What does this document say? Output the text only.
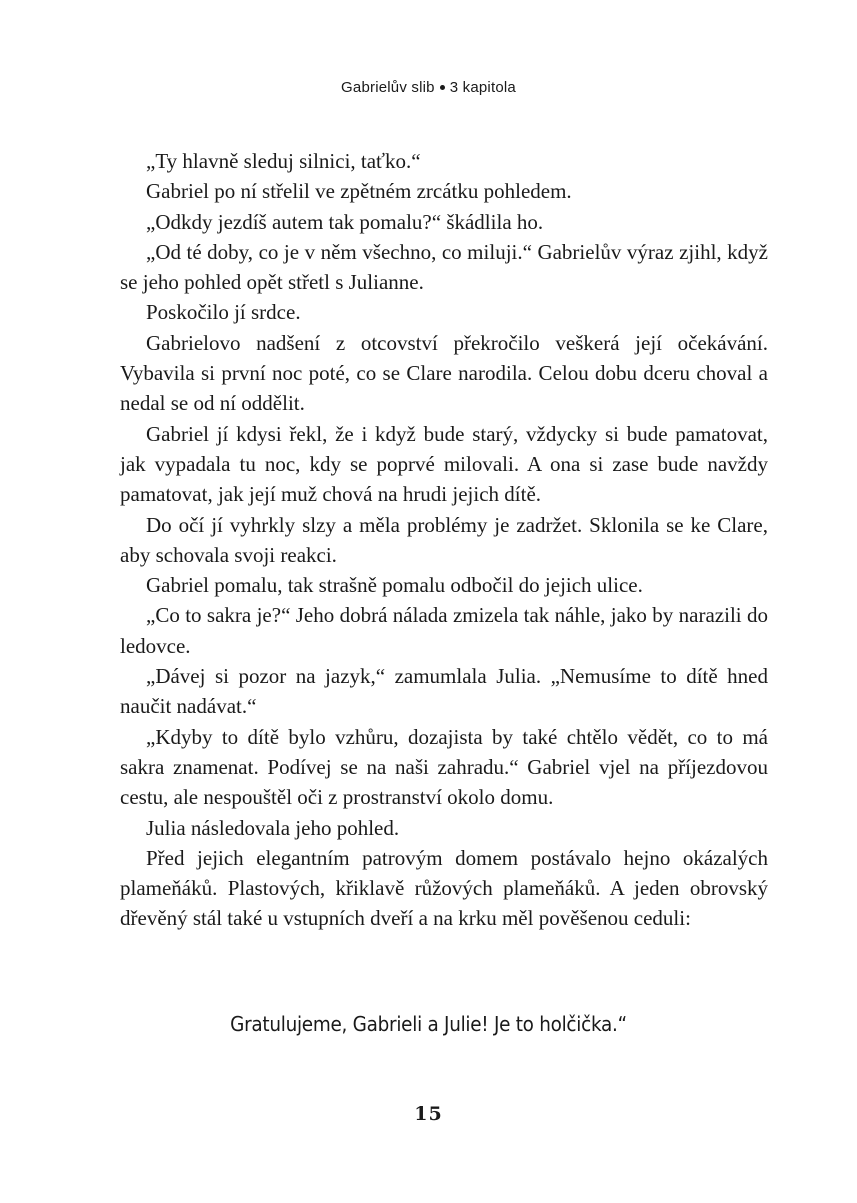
Gabrielův slib 3 kapitola

„Ty hlavně sleduj silnici, taťko.“

Gabriel po ní střelil ve zpětném zrcátku pohledem.

„Odkdy jezdíš autem tak pomalu?“ škádlila ho.

„Od té doby, co je v něm všechno, co miluji.“ Gabrielův výraz zjihl, když se jeho pohled opět střetl s Julianne.

Poskočilo jí srdce.

Gabrielovo nadšení z otcovství překročilo veškerá její očekávání. Vybavila si první noc poté, co se Clare narodila. Celou dobu dceru choval a nedal se od ní oddělit.

Gabriel jí kdysi řekl, že i když bude starý, vždycky si bude pamatovat, jak vypadala tu noc, kdy se poprvé milovali. A ona si zase bude navždy pamatovat, jak její muž chová na hrudi jejich dítě.

Do očí jí vyhrkly slzy a měla problémy je zadržet. Sklonila se ke Clare, aby schovala svoji reakci.

Gabriel pomalu, tak strašně pomalu odbočil do jejich ulice.

„Co to sakra je?“ Jeho dobrá nálada zmizela tak náhle, jako by narazili do ledovce.

„Dávej si pozor na jazyk,“ zamumlala Julia. „Nemusíme to dítě hned naučit nadávat.“

„Kdyby to dítě bylo vzhůru, dozajista by také chtělo vědět, co to má sakra znamenat. Podívej se na naši zahradu.“ Gabriel vjel na příjezdovou cestu, ale nespouštěl oči z prostranství okolo domu.

Julia následovala jeho pohled.

Před jejich elegantním patrovým domem postávalo hejno okázalých plameňáků. Plastových, křiklavě růžových plameňáků. A jeden obrovský dřevěný stál také u vstupních dveří a na krku měl pověšenou ceduli:

Gratulujeme, Gabrieli a Julie! Je to holčička.“
15
